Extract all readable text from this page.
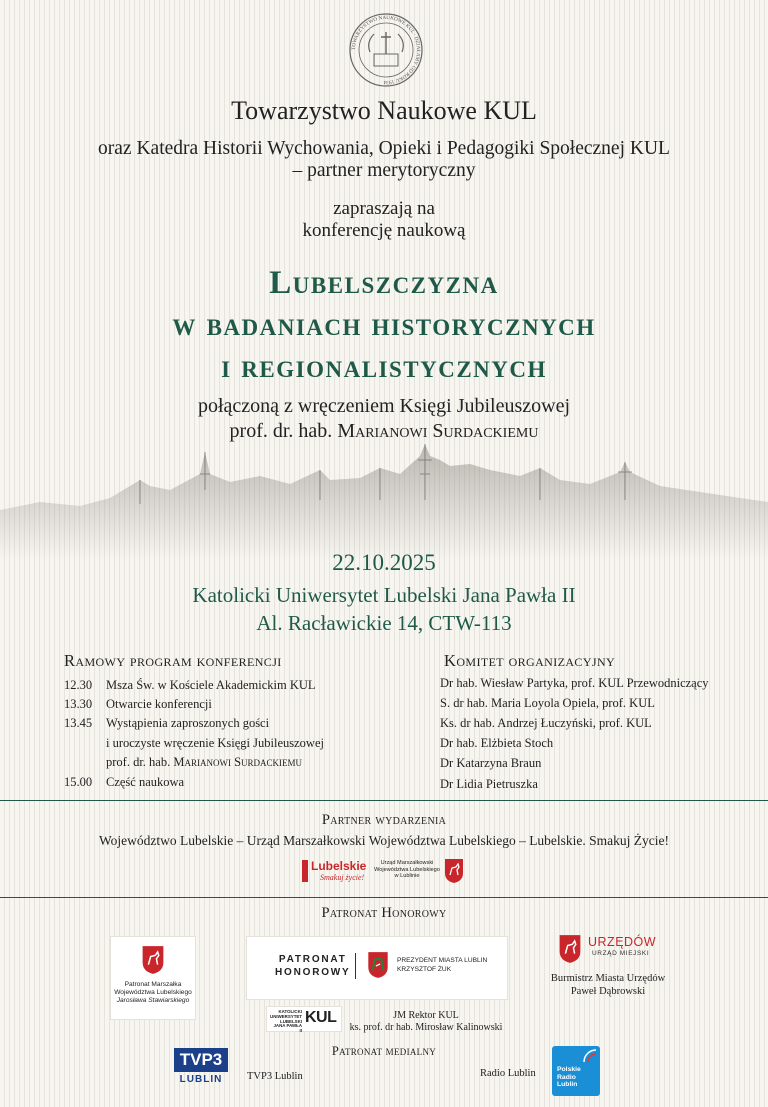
TOWARZYSTWO NAUKOWE KUL · DZIAŁAMY OD ROKU 1934
Towarzystwo Naukowe KUL
oraz Katedra Historii Wychowania, Opieki i Pedagogiki Społecznej KUL
– partner merytoryczny
zapraszają na
konferencję naukową
Lubelszczyzna
w badaniach historycznych
i regionalistycznych
połączoną z wręczeniem Księgi Jubileuszowej
prof. dr. hab. Marianowi Surdackiemu
22.10.2025
Katolicki Uniwersytet Lubelski Jana Pawła II
Al. Racławickie 14, CTW-113
Ramowy program konferencji
12.30 Msza Św. w Kościele Akademickim KUL
13.30 Otwarcie konferencji
13.45 Wystąpienia zaproszonych gości
i uroczyste wręczenie Księgi Jubileuszowej
prof. dr. hab. Marianowi Surdackiemu
15.00 Część naukowa
Komitet organizacyjny
Dr hab. Wiesław Partyka, prof. KUL Przewodniczący
S. dr hab. Maria Loyola Opiela, prof. KUL
Ks. dr hab. Andrzej Łuczyński, prof. KUL
Dr hab. Elżbieta Stoch
Dr Katarzyna Braun
Dr Lidia Pietruszka
Partner wydarzenia
Województwo Lubelskie – Urząd Marszałkowski Województwa Lubelskiego – Lubelskie. Smakuj Życie!
Lubelskie
Smakuj życie!
Urząd Marszałkowski
Województwa Lubelskiego
w Lublinie
Patronat Honorowy
Patronat Marszałka
Województwa Lubelskiego
Jarosława Stawiarskiego
PATRONAT
HONOROWY
PREZYDENT MIASTA LUBLIN
KRZYSZTOF ŻUK
URZĘDÓW
URZĄD MIEJSKI
Burmistrz Miasta Urzędów
Paweł Dąbrowski
KATOLICKI
UNIWERSYTET
LUBELSKI
JANA PAWŁA II
KUL	JM Rektor KUL
ks. prof. dr hab. Mirosław Kalinowski
Patronat medialny
TVP3
LUBLIN	TVP3 Lublin	Radio Lublin	Polskie
Radio
Lublin
